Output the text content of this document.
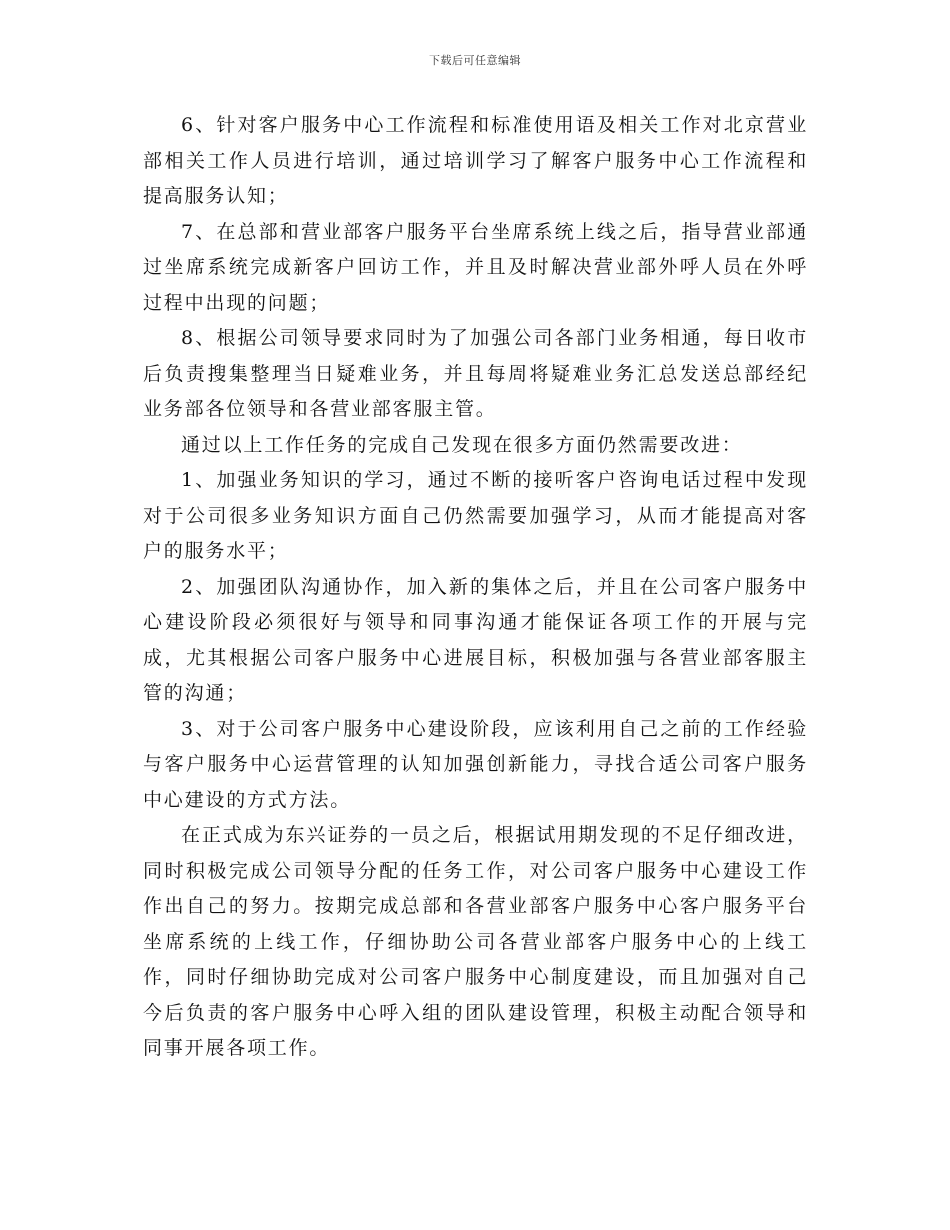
下载后可任意编辑

6、针对客户服务中心工作流程和标准使用语及相关工作对北京营业部相关工作人员进行培训，通过培训学习了解客户服务中心工作流程和提高服务认知；

7、在总部和营业部客户服务平台坐席系统上线之后，指导营业部通过坐席系统完成新客户回访工作，并且及时解决营业部外呼人员在外呼过程中出现的问题；

8、根据公司领导要求同时为了加强公司各部门业务相通，每日收市后负责搜集整理当日疑难业务，并且每周将疑难业务汇总发送总部经纪业务部各位领导和各营业部客服主管。

通过以上工作任务的完成自己发现在很多方面仍然需要改进：

1、加强业务知识的学习，通过不断的接听客户咨询电话过程中发现对于公司很多业务知识方面自己仍然需要加强学习，从而才能提高对客户的服务水平；

2、加强团队沟通协作，加入新的集体之后，并且在公司客户服务中心建设阶段必须很好与领导和同事沟通才能保证各项工作的开展与完成，尤其根据公司客户服务中心进展目标，积极加强与各营业部客服主管的沟通；

3、对于公司客户服务中心建设阶段，应该利用自己之前的工作经验与客户服务中心运营管理的认知加强创新能力，寻找合适公司客户服务中心建设的方式方法。

在正式成为东兴证券的一员之后，根据试用期发现的不足仔细改进，同时积极完成公司领导分配的任务工作，对公司客户服务中心建设工作作出自己的努力。按期完成总部和各营业部客户服务中心客户服务平台坐席系统的上线工作，仔细协助公司各营业部客户服务中心的上线工作，同时仔细协助完成对公司客户服务中心制度建设，而且加强对自己今后负责的客户服务中心呼入组的团队建设管理，积极主动配合领导和同事开展各项工作。
